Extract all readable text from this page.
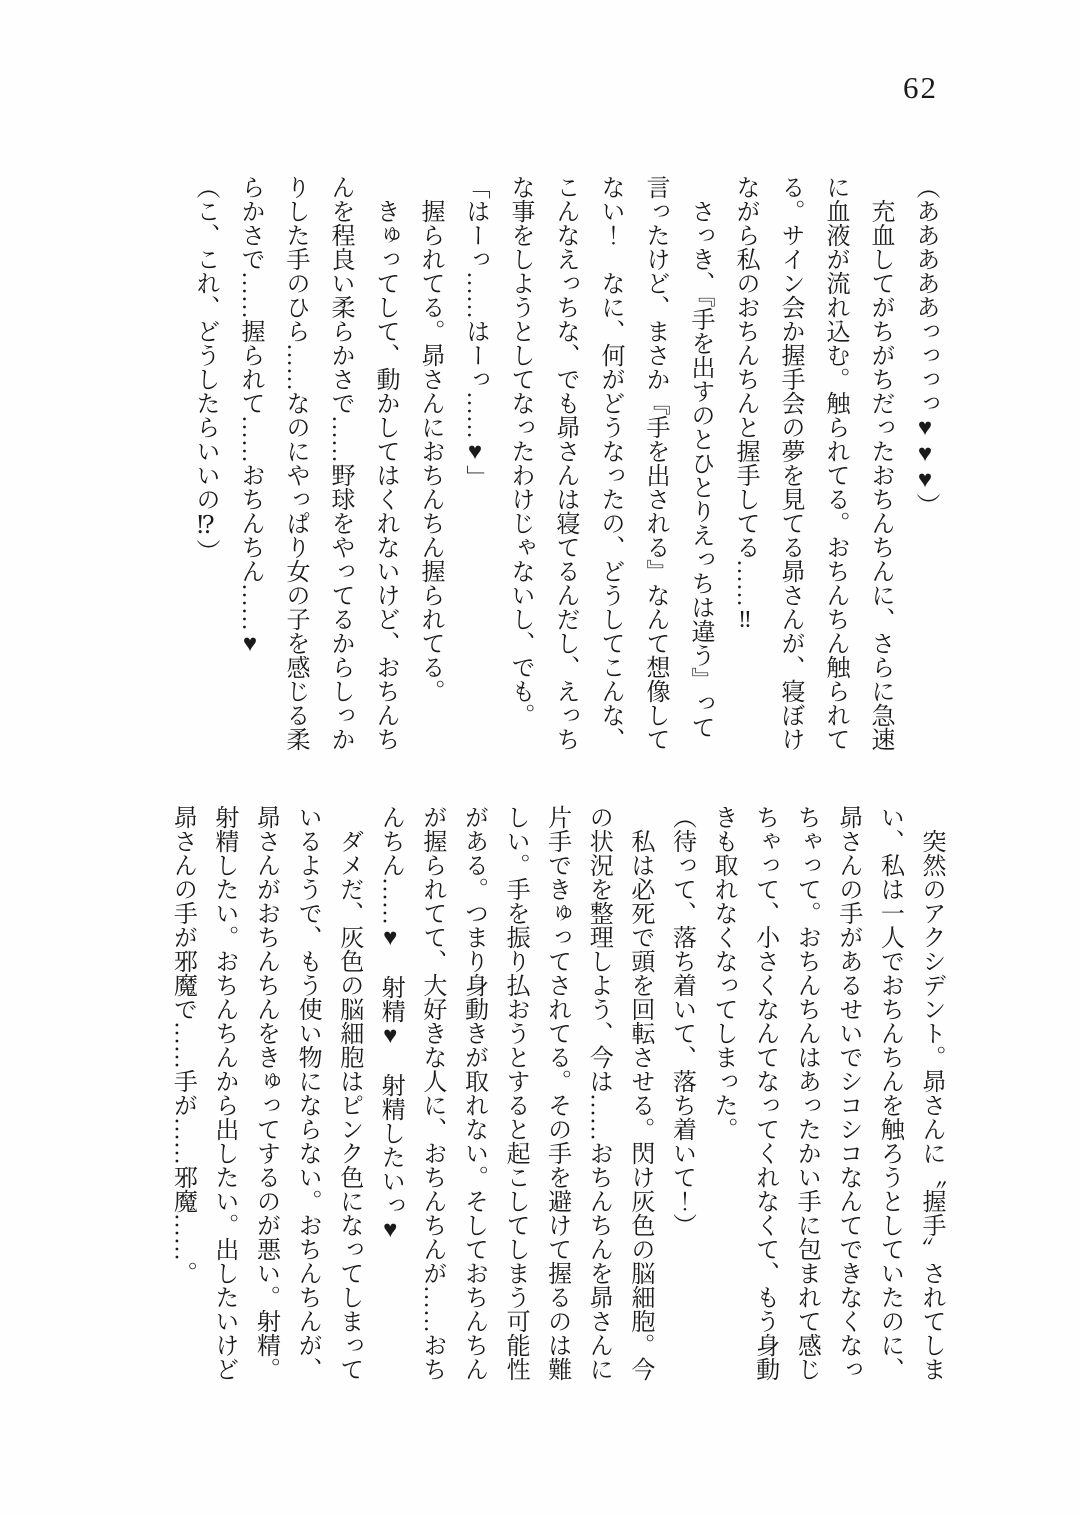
62

（あああああっっっっ♥♥♥）

　充血してがちがちだったおちんちんに、さらに急速

に血液が流れ込む。触られてる。おちんちん触られて

る。サイン会か握手会の夢を見てる昴さんが、寝ぼけ

ながら私のおちんちんと握手してる……‼

　さっき、『手を出すのとひとりえっちは違う』って

言ったけど、まさか『手を出される』なんて想像して

ない！　なに、何がどうなったの、どうしてこんな、

こんなえっちな、でも昴さんは寝てるんだし、えっち

な事をしようとしてなったわけじゃないし、でも。

「はーっ……はーっ……♥」

　握られてる。昴さんにおちんちん握られてる。

　きゅってして、動かしてはくれないけど、おちんち

んを程良い柔らかさで……野球をやってるからしっか

りした手のひら……なのにやっぱり女の子を感じる柔

らかさで……握られて……おちんちん……♥

（こ、これ、どうしたらいいの⁉）

　突然のアクシデント。昴さんに〝握手〟されてしま

い、私は一人でおちんちんを触ろうとしていたのに、

昴さんの手があるせいでシコシコなんてできなくなっ

ちゃって。おちんちんはあったかい手に包まれて感じ

ちゃって、小さくなんてなってくれなくて、もう身動

きも取れなくなってしまった。

（待って、落ち着いて、落ち着いて！）

　私は必死で頭を回転させる。閃け灰色の脳細胞。今

の状況を整理しよう、今は……おちんちんを昴さんに

片手できゅってされてる。その手を避けて握るのは難

しい。手を振り払おうとすると起こしてしまう可能性

がある。つまり身動きが取れない。そしておちんちん

が握られてて、大好きな人に、おちんちんが……おち

んちん……♥　射精♥　射精したいっ♥

　ダメだ、灰色の脳細胞はピンク色になってしまって

いるようで、もう使い物にならない。おちんちんが、

昴さんがおちんちんをきゅってするのが悪い。射精。

射精したい。おちんちんから出したい。出したいけど

昴さんの手が邪魔で……手が……邪魔……。
